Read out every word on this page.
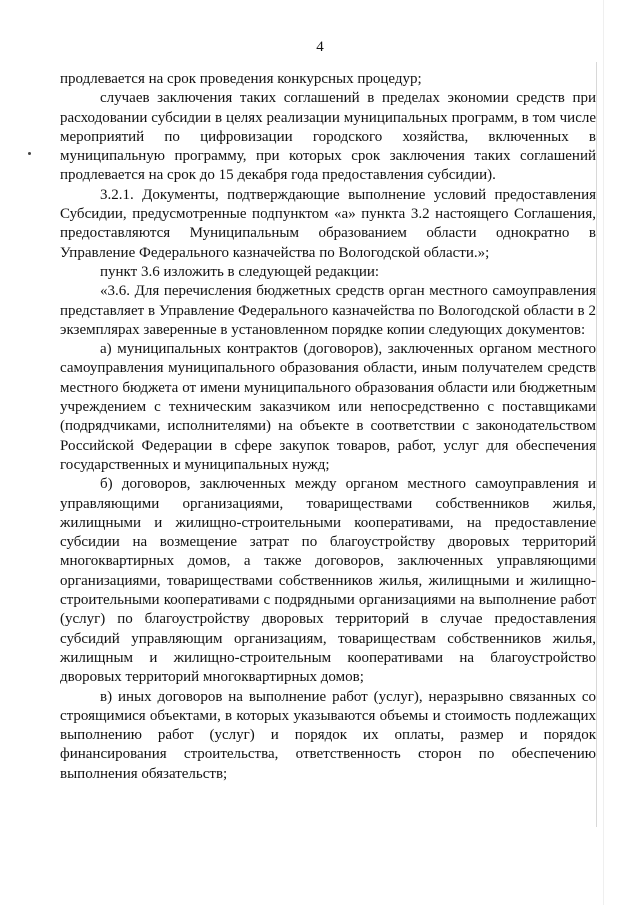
4

продлевается на срок проведения конкурсных процедур;

случаев заключения таких соглашений в пределах экономии средств при расходовании субсидии в целях реализации муниципальных программ, в том числе мероприятий по цифровизации городского хозяйства, включенных в муниципальную программу, при которых срок заключения таких соглашений продлевается на срок до 15 декабря года предоставления субсидии).

3.2.1. Документы, подтверждающие выполнение условий предоставления Субсидии, предусмотренные подпунктом «а» пункта 3.2 настоящего Соглашения, предоставляются Муниципальным образованием области однократно в Управление Федерального казначейства по Вологодской области.»;

пункт 3.6 изложить в следующей редакции:

«3.6. Для перечисления бюджетных средств орган местного самоуправления представляет в Управление Федерального казначейства по Вологодской области в 2 экземплярах заверенные в установленном порядке копии следующих документов:

а) муниципальных контрактов (договоров), заключенных органом местного самоуправления муниципального образования области, иным получателем средств местного бюджета от имени муниципального образования области или бюджетным учреждением с техническим заказчиком или непосредственно с поставщиками (подрядчиками, исполнителями) на объекте в соответствии с законодательством Российской Федерации в сфере закупок товаров, работ, услуг для обеспечения государственных и муниципальных нужд;

б) договоров, заключенных между органом местного самоуправления и управляющими организациями, товариществами собственников жилья, жилищными и жилищно-строительными кооперативами, на предоставление субсидии на возмещение затрат по благоустройству дворовых территорий многоквартирных домов, а также договоров, заключенных управляющими организациями, товариществами собственников жилья, жилищными и жилищно-строительными кооперативами с подрядными организациями на выполнение работ (услуг) по благоустройству дворовых территорий в случае предоставления субсидий управляющим организациям, товариществам собственников жилья, жилищным и жилищно-строительным кооперативами на благоустройство дворовых территорий многоквартирных домов;

в) иных договоров на выполнение работ (услуг), неразрывно связанных со строящимися объектами, в которых указываются объемы и стоимость подлежащих выполнению работ (услуг) и порядок их оплаты, размер и порядок финансирования строительства, ответственность сторон по обеспечению выполнения обязательств;
